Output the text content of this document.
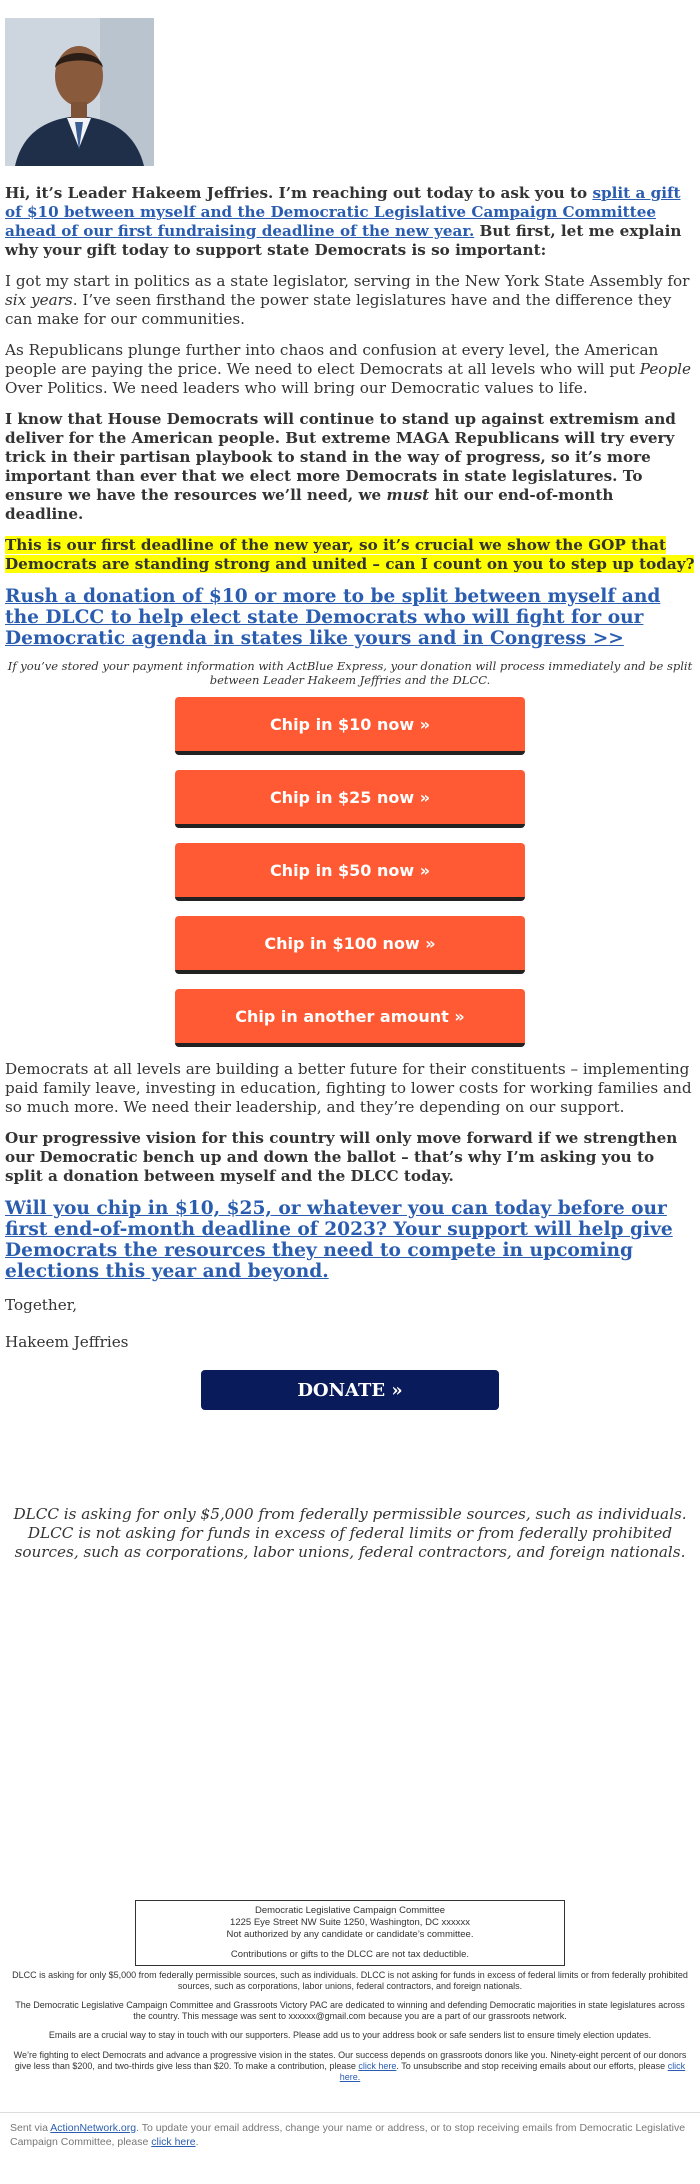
Hi, it’s Leader Hakeem Jeffries. I’m reaching out today to ask you to split a gift of $10 between myself and the Democratic Legislative Campaign Committee ahead of our first fundraising deadline of the new year. But first, let me explain why your gift today to support state Democrats is so important:

I got my start in politics as a state legislator, serving in the New York State Assembly for six years. I’ve seen firsthand the power state legislatures have and the difference they can make for our communities.

As Republicans plunge further into chaos and confusion at every level, the American people are paying the price. We need to elect Democrats at all levels who will put People Over Politics. We need leaders who will bring our Democratic values to life.

I know that House Democrats will continue to stand up against extremism and deliver for the American people. But extreme MAGA Republicans will try every trick in their partisan playbook to stand in the way of progress, so it’s more important than ever that we elect more Democrats in state legislatures. To ensure we have the resources we’ll need, we must hit our end-of-month deadline.

This is our first deadline of the new year, so it’s crucial we show the GOP that Democrats are standing strong and united – can I count on you to step up today?

Rush a donation of $10 or more to be split between myself and the DLCC to help elect state Democrats who will fight for our Democratic agenda in states like yours and in Congress >>
If you’ve stored your payment information with ActBlue Express, your donation will process immediately and be split between Leader Hakeem Jeffries and the DLCC.
Chip in $10 now »
Chip in $25 now »
Chip in $50 now »
Chip in $100 now »
Chip in another amount »

Democrats at all levels are building a better future for their constituents – implementing paid family leave, investing in education, fighting to lower costs for working families and so much more. We need their leadership, and they’re depending on our support.

Our progressive vision for this country will only move forward if we strengthen our Democratic bench up and down the ballot – that’s why I’m asking you to split a donation between myself and the DLCC today.

Will you chip in $10, $25, or whatever you can today before our first end-of-month deadline of 2023? Your support will help give Democrats the resources they need to compete in upcoming elections this year and beyond.

Together,

Hakeem Jeffries

DONATE »

DLCC is asking for only $5,000 from federally permissible sources, such as individuals. DLCC is not asking for funds in excess of federal limits or from federally prohibited sources, such as corporations, labor unions, federal contractors, and foreign nationals.

Democratic Legislative Campaign Committee
1225 Eye Street NW Suite 1250, Washington, DC xxxxxx
Not authorized by any candidate or candidate’s committee.
Contributions or gifts to the DLCC are not tax deductible.
DLCC is asking for only $5,000 from federally permissible sources, such as individuals. DLCC is not asking for funds in excess of federal limits or from federally prohibited sources, such as corporations, labor unions, federal contractors, and foreign nationals.
The Democratic Legislative Campaign Committee and Grassroots Victory PAC are dedicated to winning and defending Democratic majorities in state legislatures across the country. This message was sent to xxxxxx@gmail.com because you are a part of our grassroots network.
Emails are a crucial way to stay in touch with our supporters. Please add us to your address book or safe senders list to ensure timely election updates.
We’re fighting to elect Democrats and advance a progressive vision in the states. Our success depends on grassroots donors like you. Ninety-eight percent of our donors give less than $200, and two-thirds give less than $20. To make a contribution, please click here. To unsubscribe and stop receiving emails about our efforts, please click here.
Sent via ActionNetwork.org. To update your email address, change your name or address, or to stop receiving emails from Democratic Legislative Campaign Committee, please click here.
